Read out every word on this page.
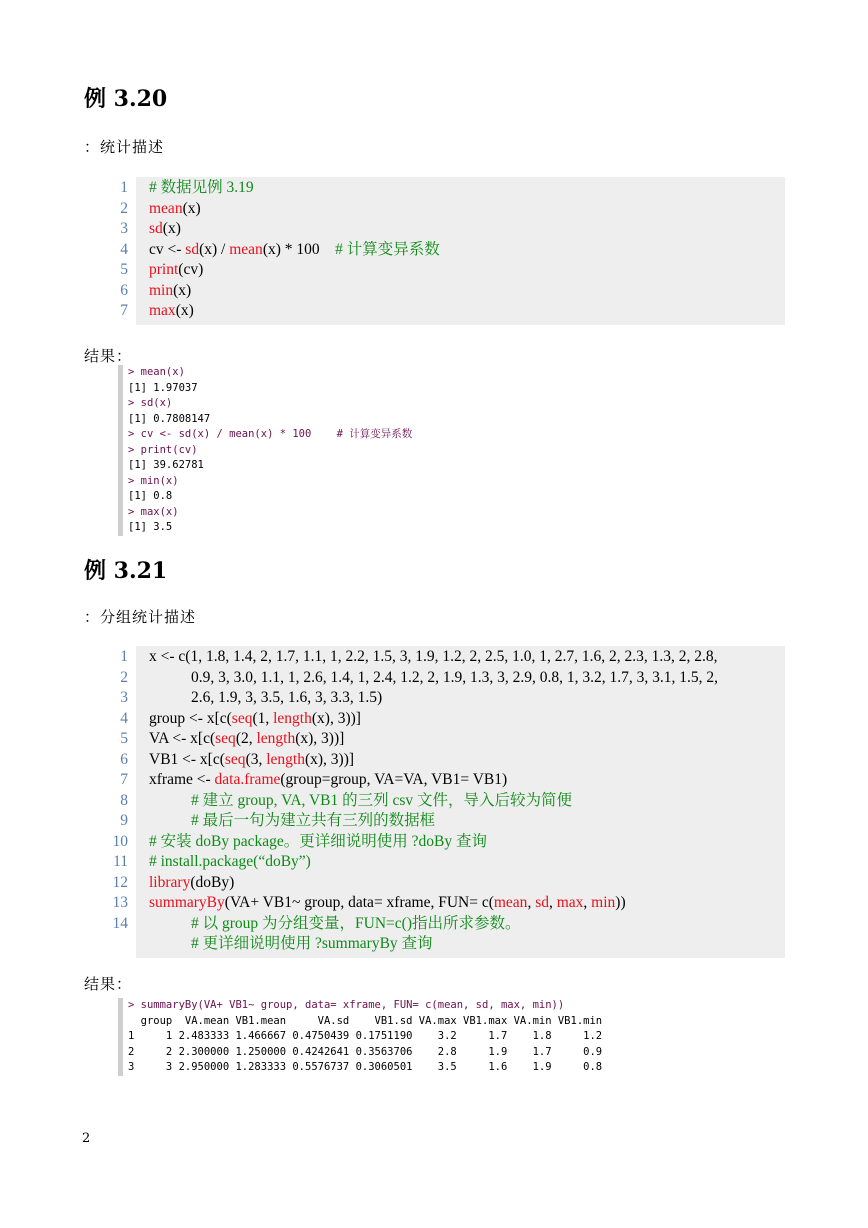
例 3.20
：统计描述
1 # 数据见例 3.19
2 mean(x)
3 sd(x)
4 cv <- sd(x) / mean(x) * 100    # 计算变异系数
5 print(cv)
6 min(x)
7 max(x)
结果：
> mean(x)
[1] 1.97037
> sd(x)
[1] 0.7808147
> cv <- sd(x) / mean(x) * 100    # 计算变异系数
> print(cv)
[1] 39.62781
> min(x)
[1] 0.8
> max(x)
[1] 3.5
例 3.21
：分组统计描述
1 x <- c(1, 1.8, 1.4, 2, 1.7, 1.1, 1, 2.2, 1.5, 3, 1.9, 1.2, 2, 2.5, 1.0, 1, 2.7, 1.6, 2, 2.3, 1.3, 2, 2.8,
2	0.9, 3, 3.0, 1.1, 1, 2.6, 1.4, 1, 2.4, 1.2, 2, 1.9, 1.3, 3, 2.9, 0.8, 1, 3.2, 1.7, 3, 3.1, 1.5, 2,
3	2.6, 1.9, 3, 3.5, 1.6, 3, 3.3, 1.5)
4 group <- x[c(seq(1, length(x), 3))]
5 VA <- x[c(seq(2, length(x), 3))]
6 VB1 <- x[c(seq(3, length(x), 3))]
7 xframe <- data.frame(group=group, VA=VA, VB1= VB1)
8	# 建立 group, VA, VB1 的三列 csv 文件，导入后较为简便
9	# 最后一句为建立共有三列的数据框
10 # 安装 doBy package。更详细说明使用 ?doBy 查询
11 # install.package(“doBy”)
12 library(doBy)
13 summaryBy(VA+ VB1~ group, data= xframe, FUN= c(mean, sd, max, min))
14	# 以 group 为分组变量，FUN=c()指出所求参数。
# 更详细说明使用 ?summaryBy 查询
结果：
> summaryBy(VA+ VB1~ group, data= xframe, FUN= c(mean, sd, max, min))
group  VA.mean VB1.mean     VA.sd    VB1.sd VA.max VB1.max VA.min VB1.min
1     1 2.483333 1.466667 0.4750439 0.1751190    3.2     1.7    1.8     1.2
2     2 2.300000 1.250000 0.4242641 0.3563706    2.8     1.9    1.7     0.9
3     3 2.950000 1.283333 0.5576737 0.3060501    3.5     1.6    1.9     0.8
2
